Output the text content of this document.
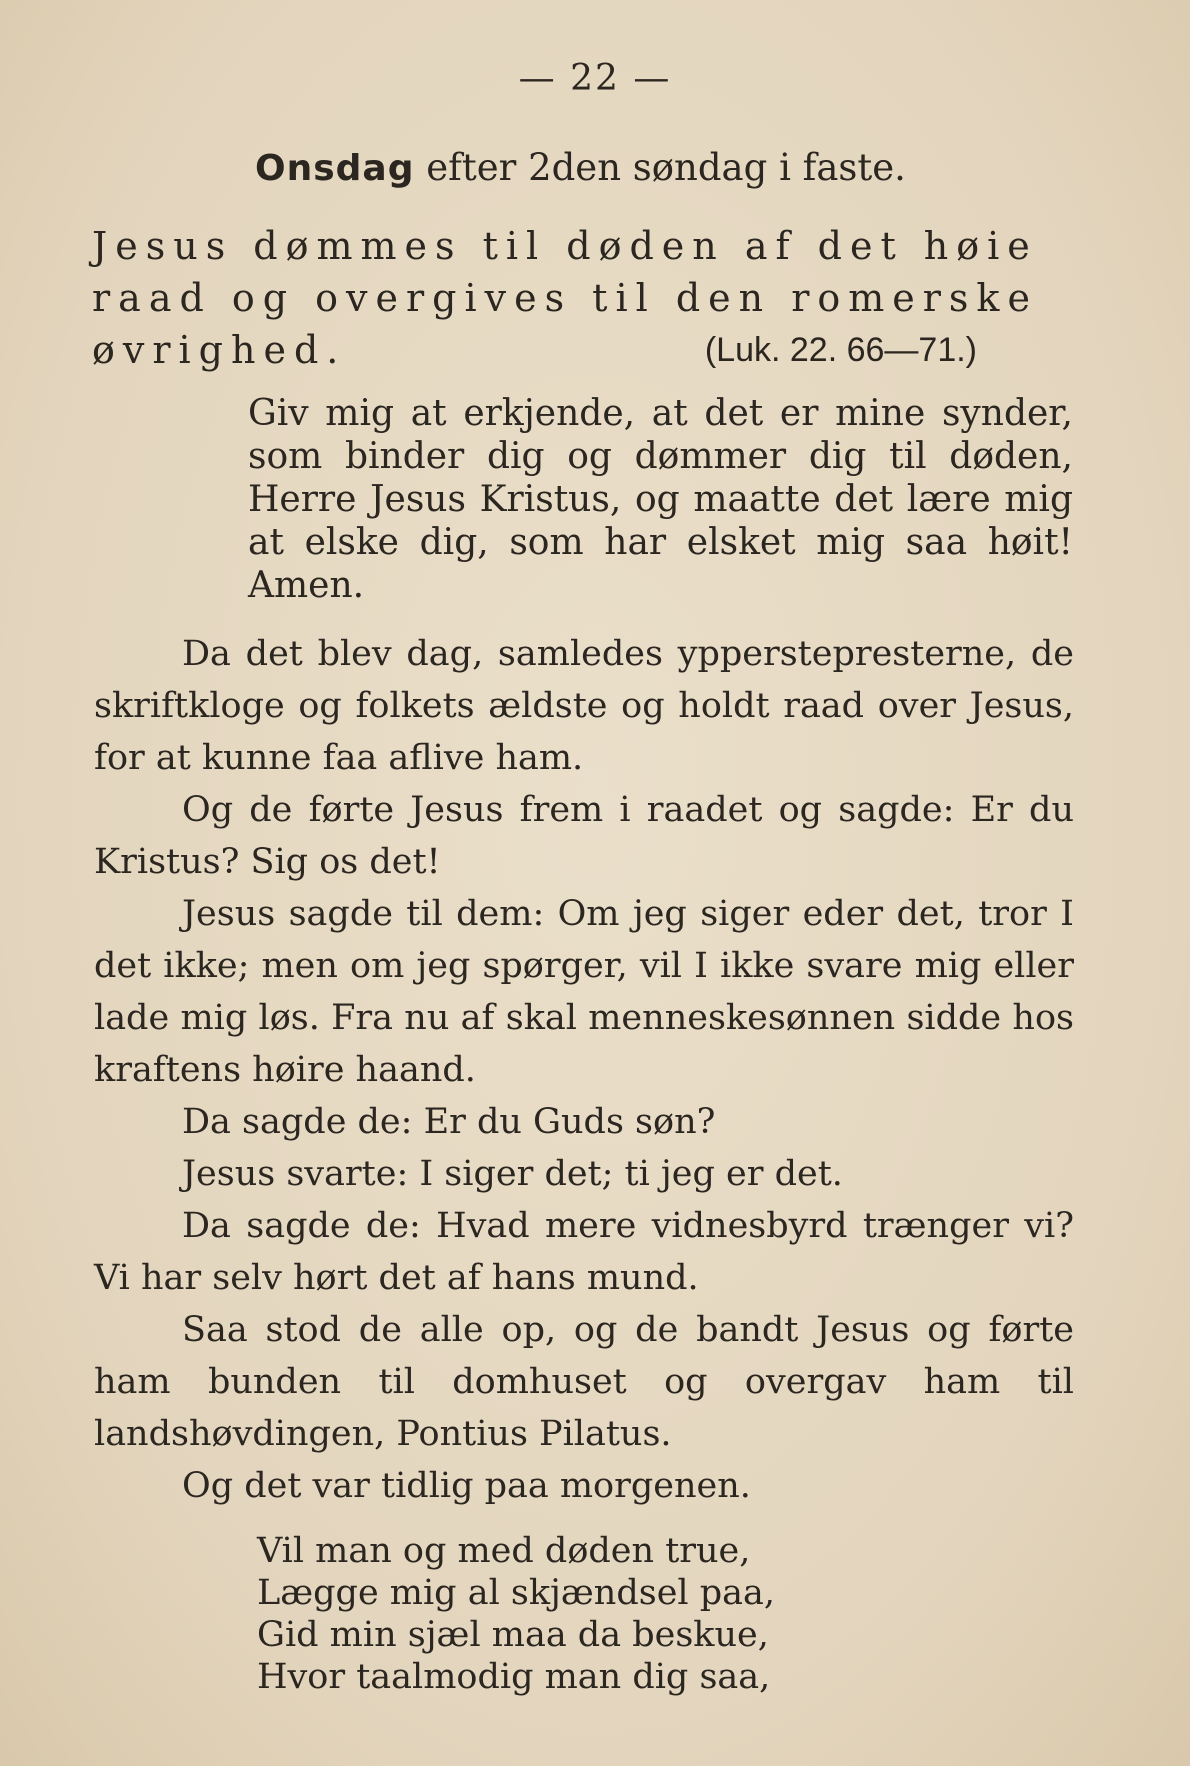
— 22 —
Onsdag efter 2den søndag i faste.
Jesus dømmes til døden af det høie
raad og overgives til den romerske
øvrighed.	(Luk. 22. 66—71.)

Giv mig at erkjende, at det er mine synder, som binder dig og dømmer dig til døden, Herre Jesus Kristus, og maatte det lære mig at elske dig, som har elsket mig saa høit! Amen.

Da det blev dag, samledes ypperstepresterne, de skriftkloge og folkets ældste og holdt raad over Jesus, for at kunne faa aflive ham.

Og de førte Jesus frem i raadet og sagde: Er du Kristus? Sig os det!

Jesus sagde til dem: Om jeg siger eder det, tror I det ikke; men om jeg spørger, vil I ikke svare mig eller lade mig løs. Fra nu af skal menneskesønnen sidde hos kraftens høire haand.

Da sagde de: Er du Guds søn?

Jesus svarte: I siger det; ti jeg er det.

Da sagde de: Hvad mere vidnesbyrd trænger vi? Vi har selv hørt det af hans mund.

Saa stod de alle op, og de bandt Jesus og førte ham bunden til domhuset og overgav ham til landshøvdingen, Pontius Pilatus.

Og det var tidlig paa morgenen.

Vil man og med døden true,
Lægge mig al skjændsel paa,
Gid min sjæl maa da beskue,
Hvor taalmodig man dig saa,
